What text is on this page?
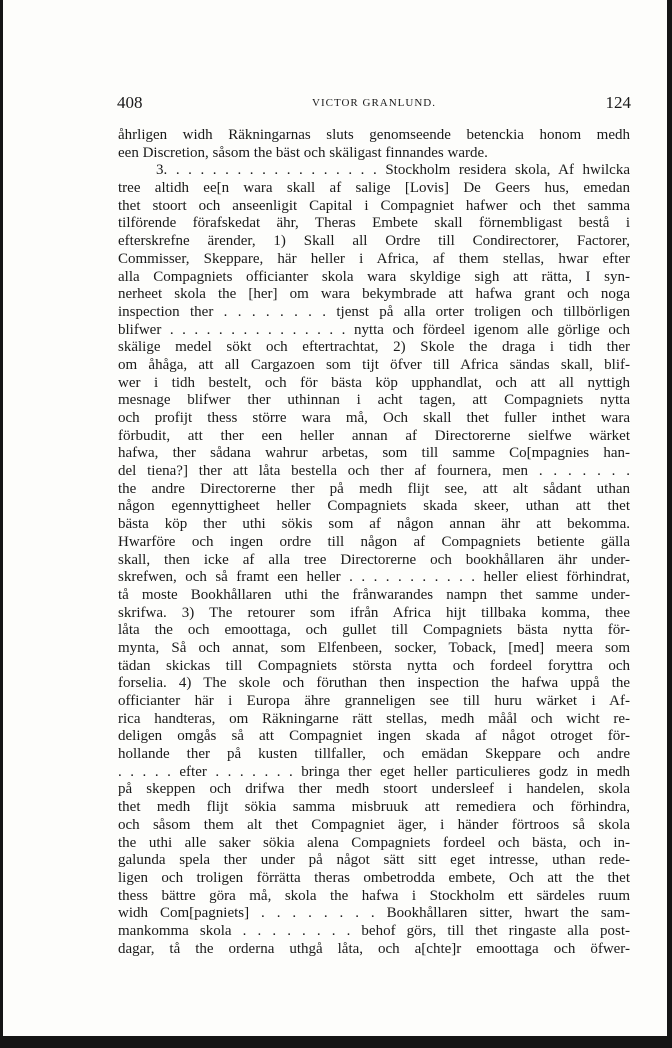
408	VICTOR GRANLUND.	124
åhrligen widh Räkningarnas sluts genomseende betenckia honom medh
een Discretion, såsom the bäst och skäligast finnandes warde.
3. . . . . . . . . . . . . . . . . . Stockholm residera skola, Af hwilcka
tree altidh ee[n wara skall af salige [Lovis] De Geers hus, emedan
thet stoort och anseenligit Capital i Compagniet hafwer och thet samma
tilförende förafskedat ähr, Theras Embete skall förnembligast bestå i
efterskrefne ärender, 1) Skall all Ordre till Condirectorer, Factorer,
Commisser, Skeppare, här heller i Africa, af them stellas, hwar efter
alla Compagniets officianter skola wara skyldige sigh att rätta, I syn-
nerheet skola the [her] om wara bekymbrade att hafwa grant och noga
inspection ther . . . . . . . . tjenst på alla orter troligen och tillbörligen
blifwer . . . . . . . . . . . . . . . nytta och fördeel igenom alle görlige och
skälige medel sökt och eftertrachtat, 2) Skole the draga i tidh ther
om åhåga, att all Cargazoen som tijt öfver till Africa sändas skall, blif-
wer i tidh bestelt, och för bästa köp upphandlat, och att all nyttigh
mesnage blifwer ther uthinnan i acht tagen, att Compagniets nytta
och profijt thess större wara må, Och skall thet fuller inthet wara
förbudit, att ther een heller annan af Directorerne sielfwe wärket
hafwa, ther sådana wahrur arbetas, som till samme Co[mpagnies han-
del tiena?] ther att låta bestella och ther af fournera, men . . . . . . .
the andre Directorerne ther på medh flijt see, att alt sådant uthan
någon egennyttigheet heller Compagniets skada skeer, uthan att thet
bästa köp ther uthi sökis som af någon annan ähr att bekomma.
Hwarföre och ingen ordre till någon af Compagniets betiente gälla
skall, then icke af alla tree Directorerne och bookhållaren ähr under-
skrefwen, och så framt een heller . . . . . . . . . . . heller eliest förhindrat,
tå moste Bookhållaren uthi the frånwarandes nampn thet samme under-
skrifwa. 3) The retourer som ifrån Africa hijt tillbaka komma, thee
låta the och emoottaga, och gullet till Compagniets bästa nytta för-
mynta, Så och annat, som Elfenbeen, socker, Toback, [med] meera som
tädan skickas till Compagniets största nytta och fordeel foryttra och
forselia. 4) The skole och föruthan then inspection the hafwa uppå the
officianter här i Europa ähre granneligen see till huru wärket i Af-
rica handteras, om Räkningarne rätt stellas, medh måål och wicht re-
deligen omgås så att Compagniet ingen skada af något otroget för-
hollande ther på kusten tillfaller, och emädan Skeppare och andre
. . . . . efter . . . . . . . bringa ther eget heller particulieres godz in medh
på skeppen och drifwa ther medh stoort undersleef i handelen, skola
thet medh flijt sökia samma misbruuk att remediera och förhindra,
och såsom them alt thet Compagniet äger, i händer förtroos så skola
the uthi alle saker sökia alena Compagniets fordeel och bästa, och in-
galunda spela ther under på något sätt sitt eget intresse, uthan rede-
ligen och troligen förrätta theras ombetrodda embete, Och att the thet
thess bättre göra må, skola the hafwa i Stockholm ett särdeles ruum
widh Com[pagniets] . . . . . . . . Bookhållaren sitter, hwart the sam-
mankomma skola . . . . . . . . behof görs, till thet ringaste alla post-
dagar, tå the orderna uthgå låta, och a[chte]r emoottaga och öfwer-
